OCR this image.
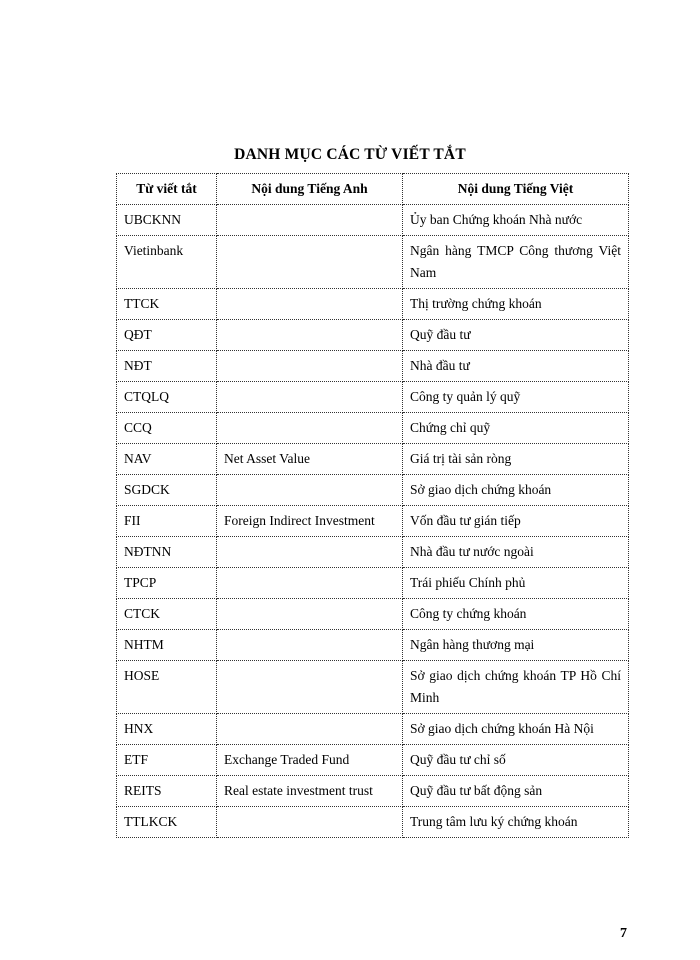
DANH MỤC CÁC TỪ VIẾT TẮT
Từ viết tắt	Nội dung Tiếng Anh	Nội dung Tiếng Việt
UBCKNN		Ủy ban Chứng khoán Nhà nước
Vietinbank		Ngân hàng TMCP Công thương Việt Nam
TTCK		Thị trường chứng khoán
QĐT		Quỹ đầu tư
NĐT		Nhà đầu tư
CTQLQ		Công ty quản lý quỹ
CCQ		Chứng chỉ quỹ
NAV	Net Asset Value	Giá trị tài sản ròng
SGDCK		Sở giao dịch chứng khoán
FII	Foreign Indirect Investment	Vốn đầu tư gián tiếp
NĐTNN		Nhà đầu tư nước ngoài
TPCP		Trái phiếu Chính phủ
CTCK		Công ty chứng khoán
NHTM		Ngân hàng thương mại
HOSE		Sở giao dịch chứng khoán TP Hồ Chí Minh
HNX		Sở giao dịch chứng khoán Hà Nội
ETF	Exchange Traded Fund	Quỹ đầu tư chỉ số
REITS	Real estate investment trust	Quỹ đầu tư bất động sản
TTLKCK		Trung tâm lưu ký chứng khoán
7
